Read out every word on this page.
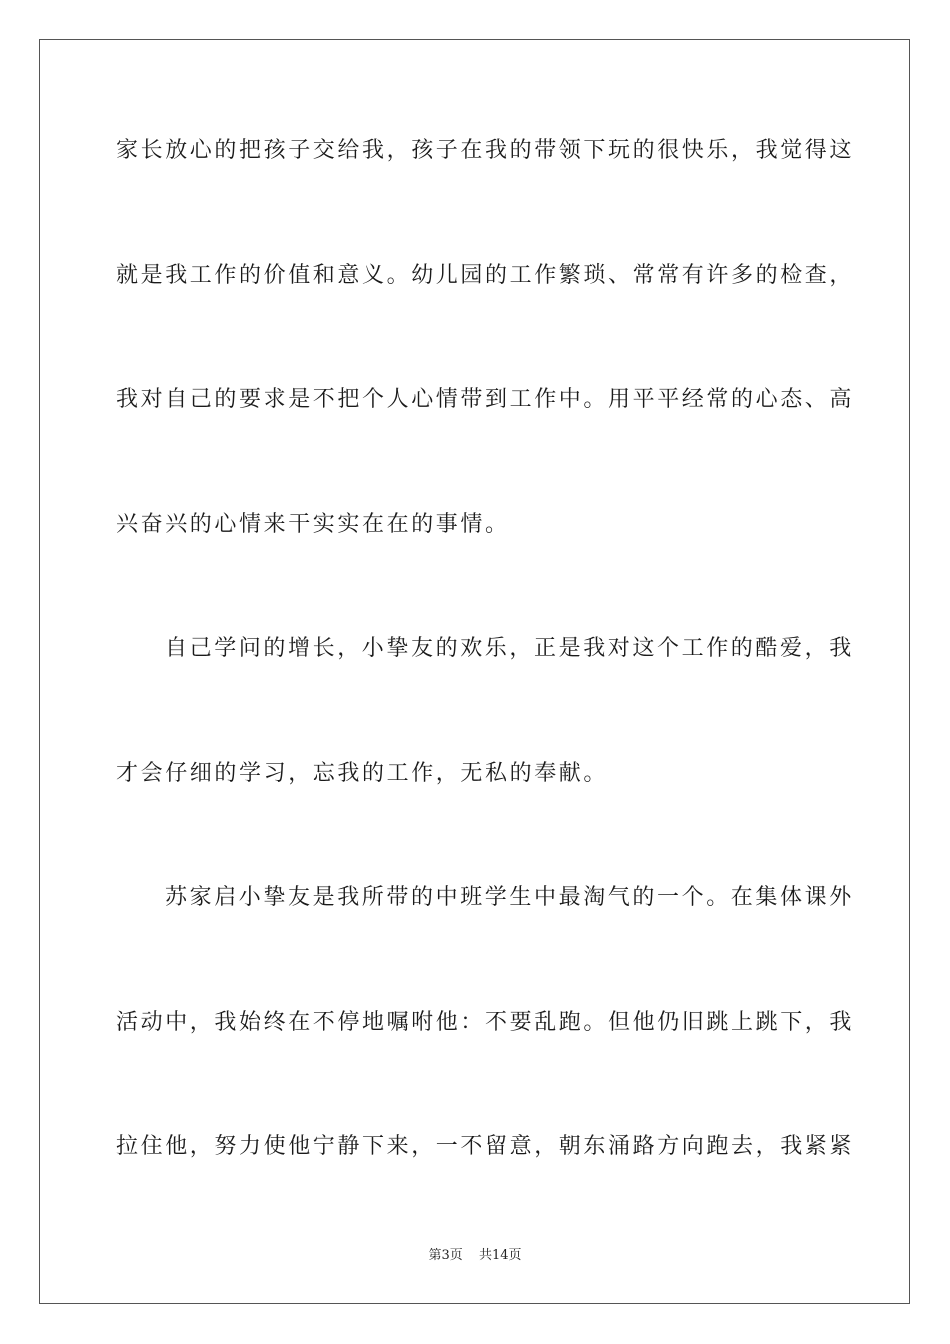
家长放心的把孩子交给我，孩子在我的带领下玩的很快乐，我觉得这
就是我工作的价值和意义。幼儿园的工作繁琐、常常有许多的检查，
我对自己的要求是不把个人心情带到工作中。用平平经常的心态、高
兴奋兴的心情来干实实在在的事情。
自己学问的增长，小挚友的欢乐，正是我对这个工作的酷爱，我
才会仔细的学习，忘我的工作，无私的奉献。
苏家启小挚友是我所带的中班学生中最淘气的一个。在集体课外
活动中，我始终在不停地嘱咐他：不要乱跑。但他仍旧跳上跳下，我
拉住他，努力使他宁静下来，一不留意，朝东涌路方向跑去，我紧紧
第3页 共14页
